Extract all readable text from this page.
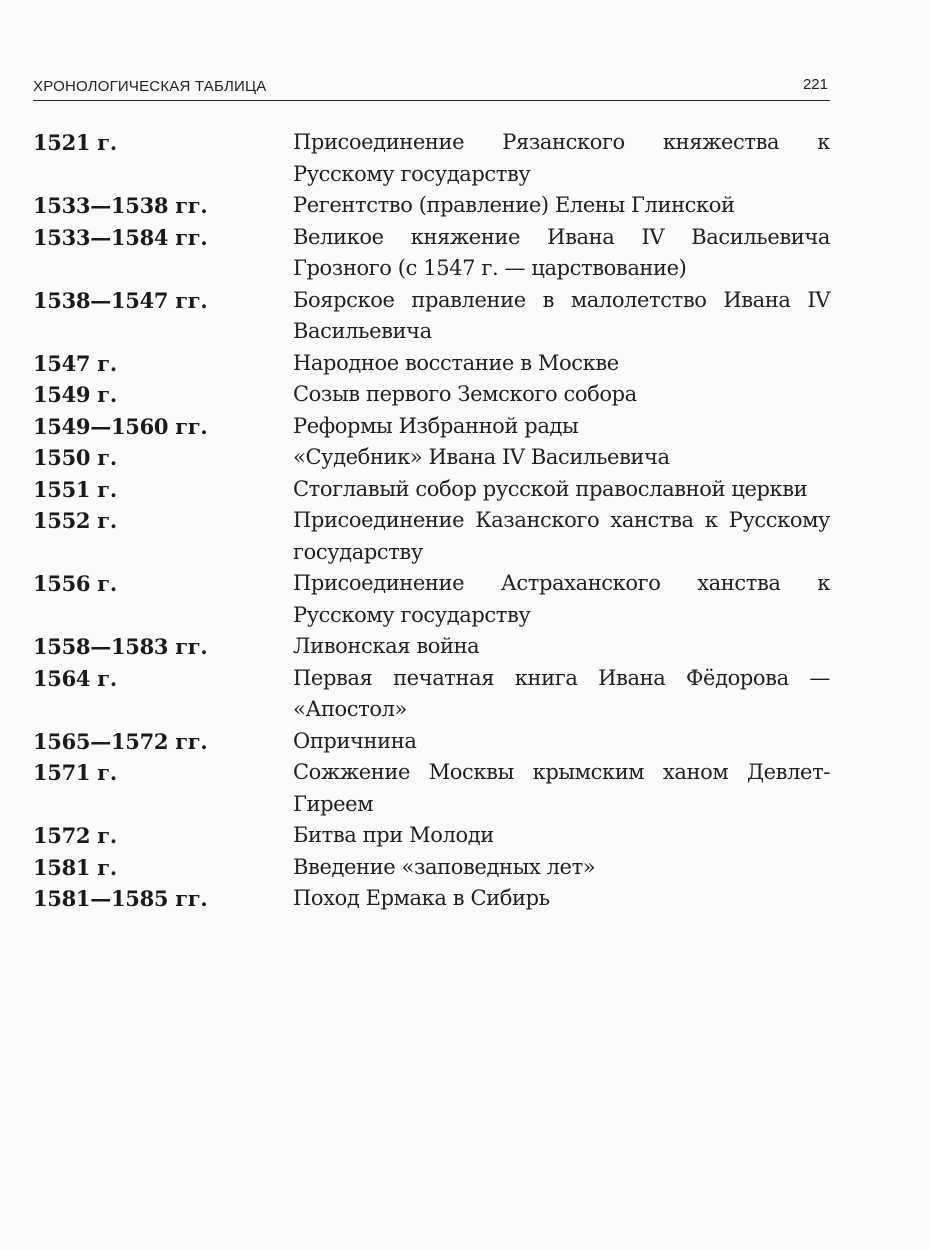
ХРОНОЛОГИЧЕСКАЯ ТАБЛИЦА	221
1521 г.	Присоединение Рязанского княжества к Русскому государству
1533—1538 гг.	Регентство (правление) Елены Глинской
1533—1584 гг.	Великое княжение Ивана IV Васильевича Грозного (с 1547 г. — царствование)
1538—1547 гг.	Боярское правление в малолетство Ивана IV Васильевича
1547 г.	Народное восстание в Москве
1549 г.	Созыв первого Земского собора
1549—1560 гг.	Реформы Избранной рады
1550 г.	«Судебник» Ивана IV Васильевича
1551 г.	Стоглавый собор русской православной церкви
1552 г.	Присоединение Казанского ханства к Русскому государству
1556 г.	Присоединение Астраханского ханства к Русскому государству
1558—1583 гг.	Ливонская война
1564 г.	Первая печатная книга Ивана Фёдорова — «Апостол»
1565—1572 гг.	Опричнина
1571 г.	Сожжение Москвы крымским ханом Девлет-Гиреем
1572 г.	Битва при Молоди
1581 г.	Введение «заповедных лет»
1581—1585 гг.	Поход Ермака в Сибирь
